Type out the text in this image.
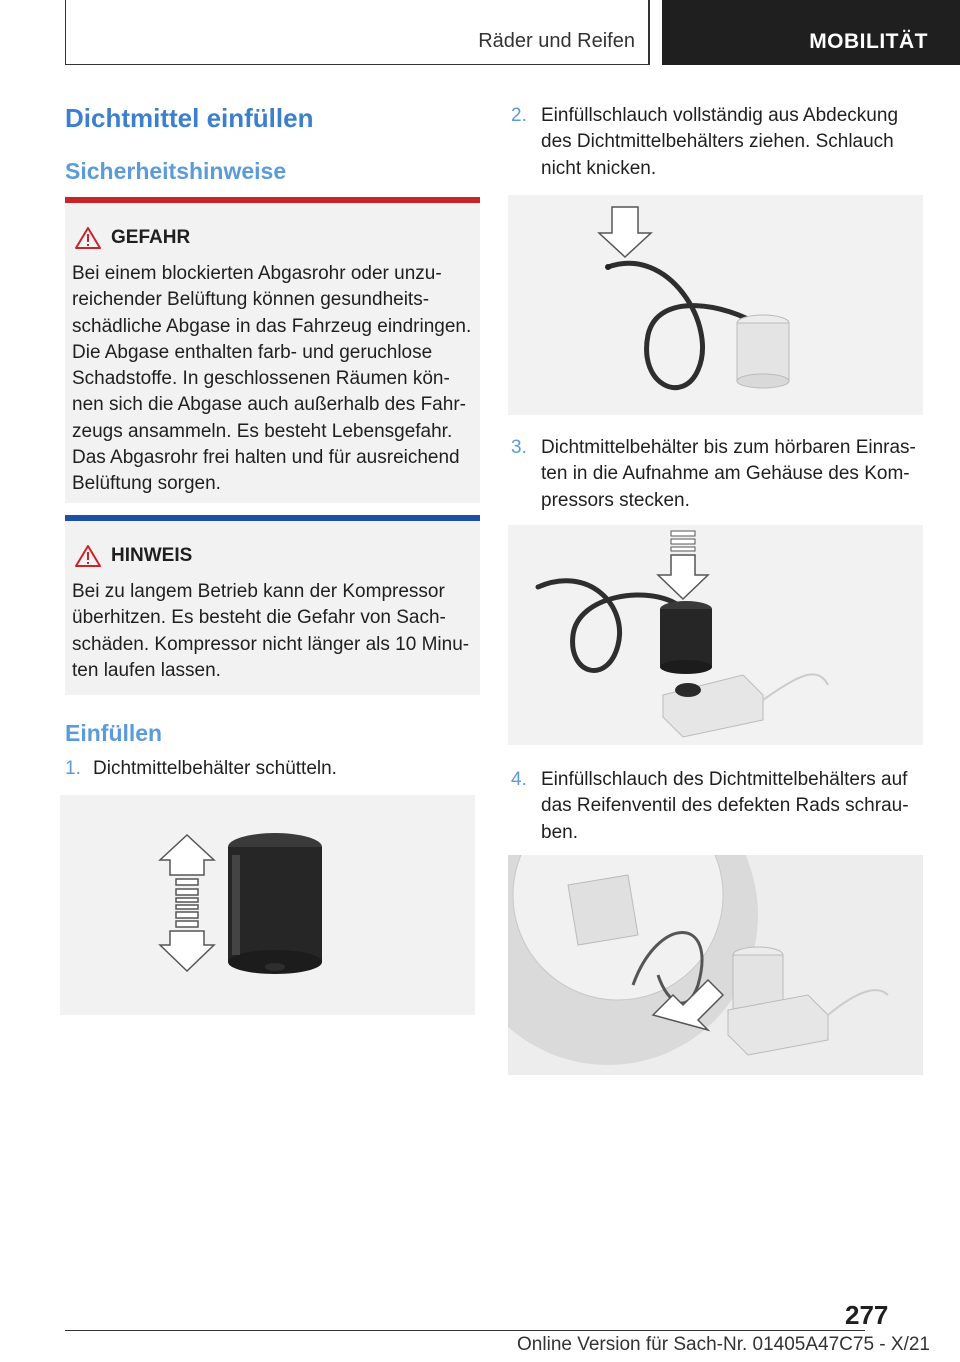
Räder und Reifen	MOBILITÄT
Dichtmittel einfüllen
Sicherheitshinweise
GEFAHR
Bei einem blockierten Abgasrohr oder unzu-
reichender Belüftung können gesundheits-
schädliche Abgase in das Fahrzeug eindringen.
Die Abgase enthalten farb- und geruchlose
Schadstoffe. In geschlossenen Räumen kön-
nen sich die Abgase auch außerhalb des Fahr-
zeugs ansammeln. Es besteht Lebensgefahr.
Das Abgasrohr frei halten und für ausreichend
Belüftung sorgen.
HINWEIS
Bei zu langem Betrieb kann der Kompressor
überhitzen. Es besteht die Gefahr von Sach-
schäden. Kompressor nicht länger als 10 Minu-
ten laufen lassen.
Einfüllen
1. Dichtmittelbehälter schütteln.
2. Einfüllschlauch vollständig aus Abdeckung
des Dichtmittelbehälters ziehen. Schlauch
nicht knicken.
3. Dichtmittelbehälter bis zum hörbaren Einras-
ten in die Aufnahme am Gehäuse des Kom-
pressors stecken.
4. Einfüllschlauch des Dichtmittelbehälters auf
das Reifenventil des defekten Rads schrau-
ben.
277
Online Version für Sach-Nr. 01405A47C75 - X/21
